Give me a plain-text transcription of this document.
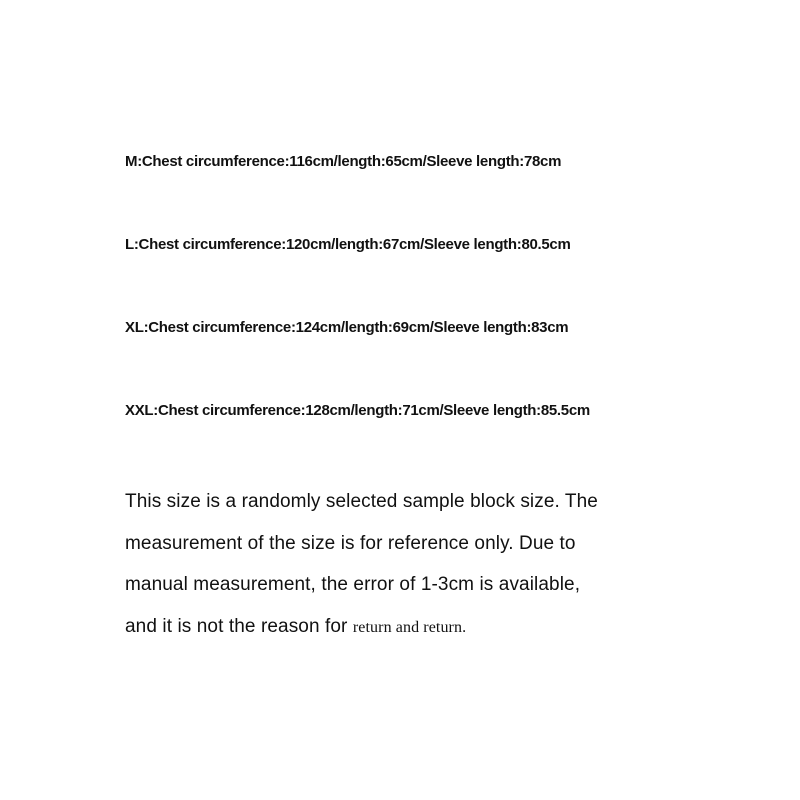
M:Chest circumference:116cm/length:65cm/Sleeve length:78cm

L:Chest circumference:120cm/length:67cm/Sleeve length:80.5cm

XL:Chest circumference:124cm/length:69cm/Sleeve length:83cm

XXL:Chest circumference:128cm/length:71cm/Sleeve length:85.5cm

This size is a randomly selected sample block size. The
measurement of the size is for reference only. Due to
manual measurement, the error of 1-3cm is available,
and it is not the reason for return and return.
